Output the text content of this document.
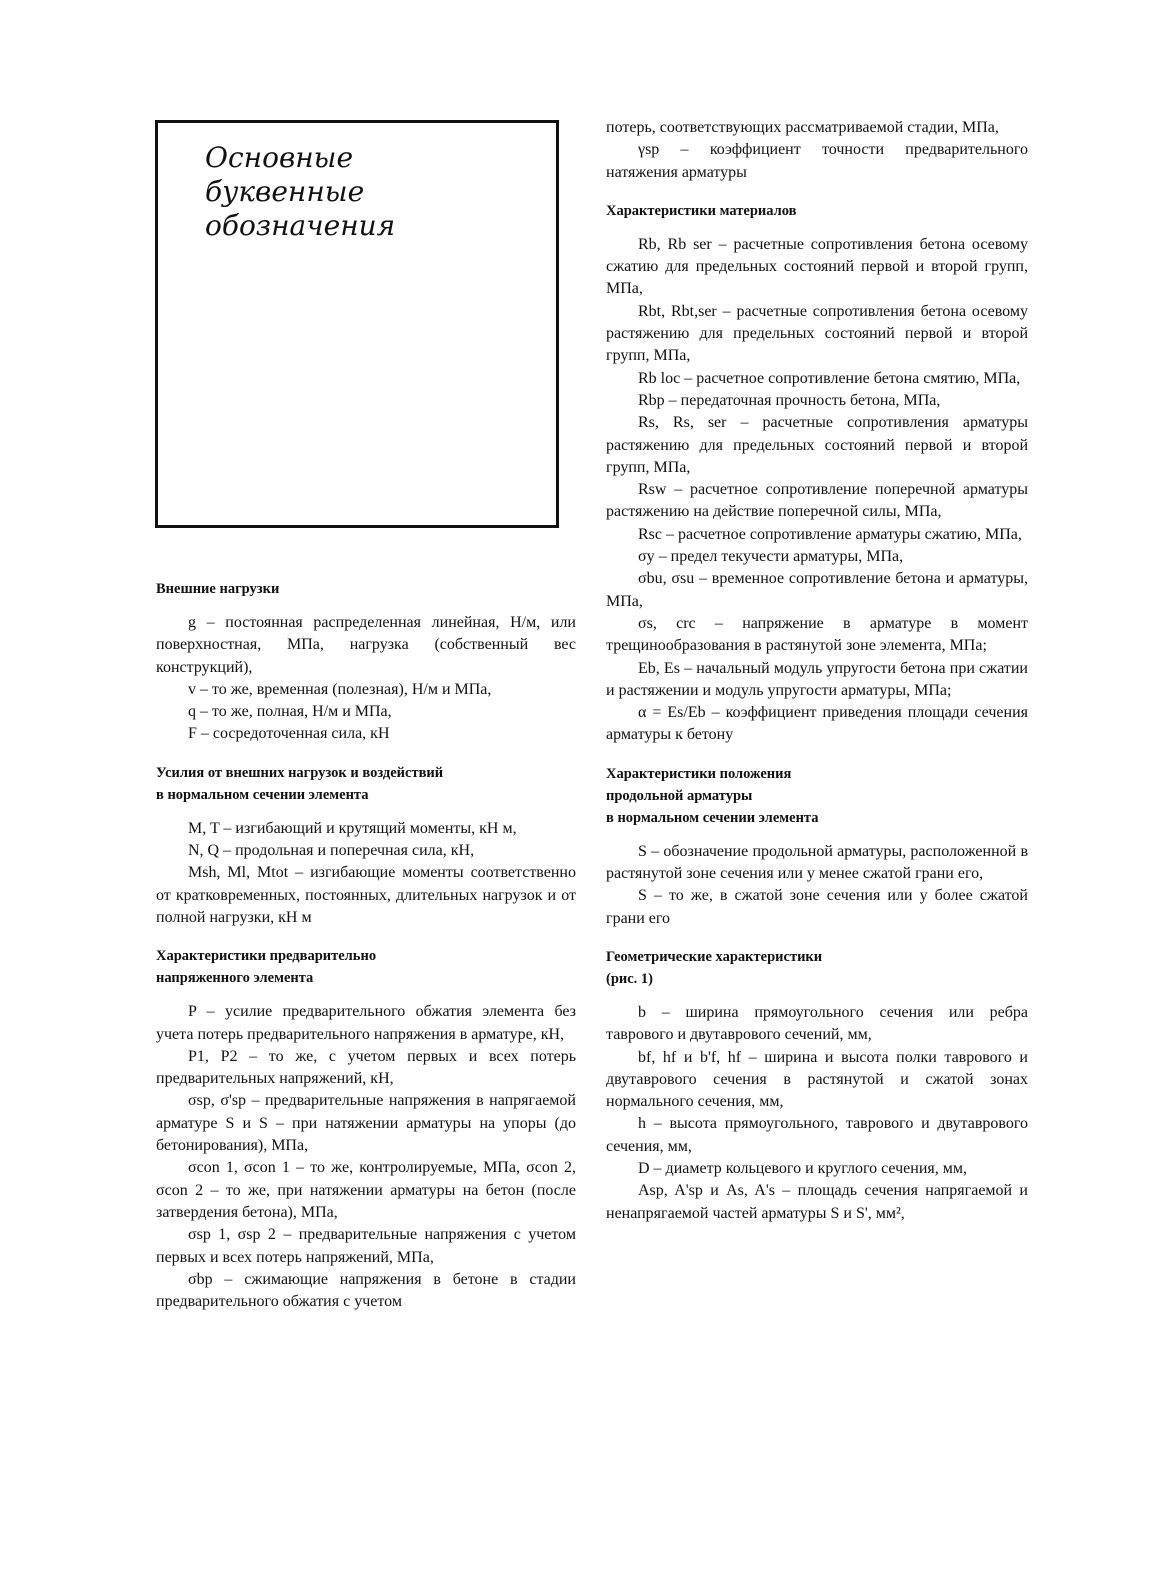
Основные
буквенные
обозначения
Внешние нагрузки

g – постоянная распределенная линейная, Н/м, или поверхностная, МПа, нагрузка (собственный вес конструкций),

v – то же, временная (полезная), Н/м и МПа,

q – то же, полная, Н/м и МПа,

F – сосредоточенная сила, кН

Усилия от внешних нагрузок и воздействий
в нормальном сечении элемента

M, T – изгибающий и крутящий моменты, кН м,

N, Q – продольная и поперечная сила, кН,

Msh, Ml, Mtot – изгибающие моменты соответственно от кратковременных, постоянных, длительных нагрузок и от полной нагрузки, кН м

Характеристики предварительно
напряженного элемента

P – усилие предварительного обжатия элемента без учета потерь предварительного напряжения в арматуре, кН,

P1, P2 – то же, с учетом первых и всех потерь предварительных напряжений, кН,

σsp, σ'sp – предварительные напряжения в напрягаемой арматуре S и S – при натяжении арматуры на упоры (до бетонирования), МПа,

σcon 1, σcon 1 – то же, контролируемые, МПа, σcon 2, σcon 2 – то же, при натяжении арматуры на бетон (после затвердения бетона), МПа,

σsp 1, σsp 2 – предварительные напряжения с учетом первых и всех потерь напряжений, МПа,

σbp – сжимающие напряжения в бетоне в стадии предварительного обжатия с учетом

потерь, соответствующих рассматриваемой стадии, МПа,

γsp – коэффициент точности предварительного натяжения арматуры

Характеристики материалов

Rb, Rb ser – расчетные сопротивления бетона осевому сжатию для предельных состояний первой и второй групп, МПа,

Rbt, Rbt,ser – расчетные сопротивления бетона осевому растяжению для предельных состояний первой и второй групп, МПа,

Rb loc – расчетное сопротивление бетона смятию, МПа,

Rbp – передаточная прочность бетона, МПа,

Rs, Rs, ser – расчетные сопротивления арматуры растяжению для предельных состояний первой и второй групп, МПа,

Rsw – расчетное сопротивление поперечной арматуры растяжению на действие поперечной силы, МПа,

Rsc – расчетное сопротивление арматуры сжатию, МПа,

σy – предел текучести арматуры, МПа,

σbu, σsu – временное сопротивление бетона и арматуры, МПа,

σs, crc – напряжение в арматуре в момент трещинообразования в растянутой зоне элемента, МПа;

Eb, Es – начальный модуль упругости бетона при сжатии и растяжении и модуль упругости арматуры, МПа;

α = Es/Eb – коэффициент приведения площади сечения арматуры к бетону

Характеристики положения
продольной арматуры
в нормальном сечении элемента

S – обозначение продольной арматуры, расположенной в растянутой зоне сечения или у менее сжатой грани его,

S – то же, в сжатой зоне сечения или у более сжатой грани его

Геометрические характеристики
(рис. 1)

b – ширина прямоугольного сечения или ребра таврового и двутаврового сечений, мм,

bf, hf и b'f, hf – ширина и высота полки таврового и двутаврового сечения в растянутой и сжатой зонах нормального сечения, мм,

h – высота прямоугольного, таврового и двутаврового сечения, мм,

D – диаметр кольцевого и круглого сечения, мм,

Asp, A'sp и As, A's – площадь сечения напрягаемой и ненапрягаемой частей арматуры S и S', мм²,
